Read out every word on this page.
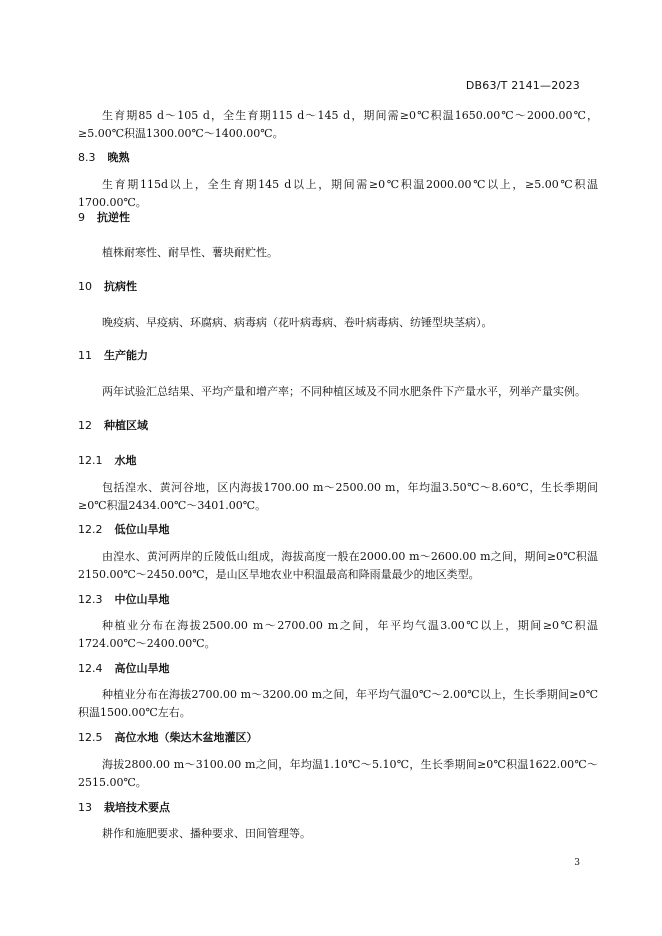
DB63/T 2141—2023
生育期85 d～105 d，全生育期115 d～145 d，期间需≥0℃积温1650.00℃～2000.00℃，≥5.00℃积温1300.00℃～1400.00℃。
8.3 晚熟
生育期115d以上，全生育期145 d以上，期间需≥0℃积温2000.00℃以上，≥5.00℃积温1700.00℃。
9 抗逆性
植株耐寒性、耐旱性、薯块耐贮性。
10 抗病性
晚疫病、早疫病、环腐病、病毒病（花叶病毒病、卷叶病毒病、纺锤型块茎病）。
11 生产能力
两年试验汇总结果、平均产量和增产率；不同种植区域及不同水肥条件下产量水平，列举产量实例。
12 种植区域
12.1 水地
包括湟水、黄河谷地，区内海拔1700.00 m～2500.00 m，年均温3.50℃～8.60℃，生长季期间≥0℃积温2434.00℃～3401.00℃。
12.2 低位山旱地
由湟水、黄河两岸的丘陵低山组成，海拔高度一般在2000.00 m～2600.00 m之间，期间≥0℃积温2150.00℃～2450.00℃，是山区旱地农业中积温最高和降雨量最少的地区类型。
12.3 中位山旱地
种植业分布在海拔2500.00 m～2700.00 m之间，年平均气温3.00℃以上，期间≥0℃积温1724.00℃～2400.00℃。
12.4 高位山旱地
种植业分布在海拔2700.00 m～3200.00 m之间，年平均气温0℃～2.00℃以上，生长季期间≥0℃积温1500.00℃左右。
12.5 高位水地（柴达木盆地灌区）
海拔2800.00 m～3100.00 m之间，年均温1.10℃～5.10℃，生长季期间≥0℃积温1622.00℃～2515.00℃。
13 栽培技术要点
耕作和施肥要求、播种要求、田间管理等。
3
